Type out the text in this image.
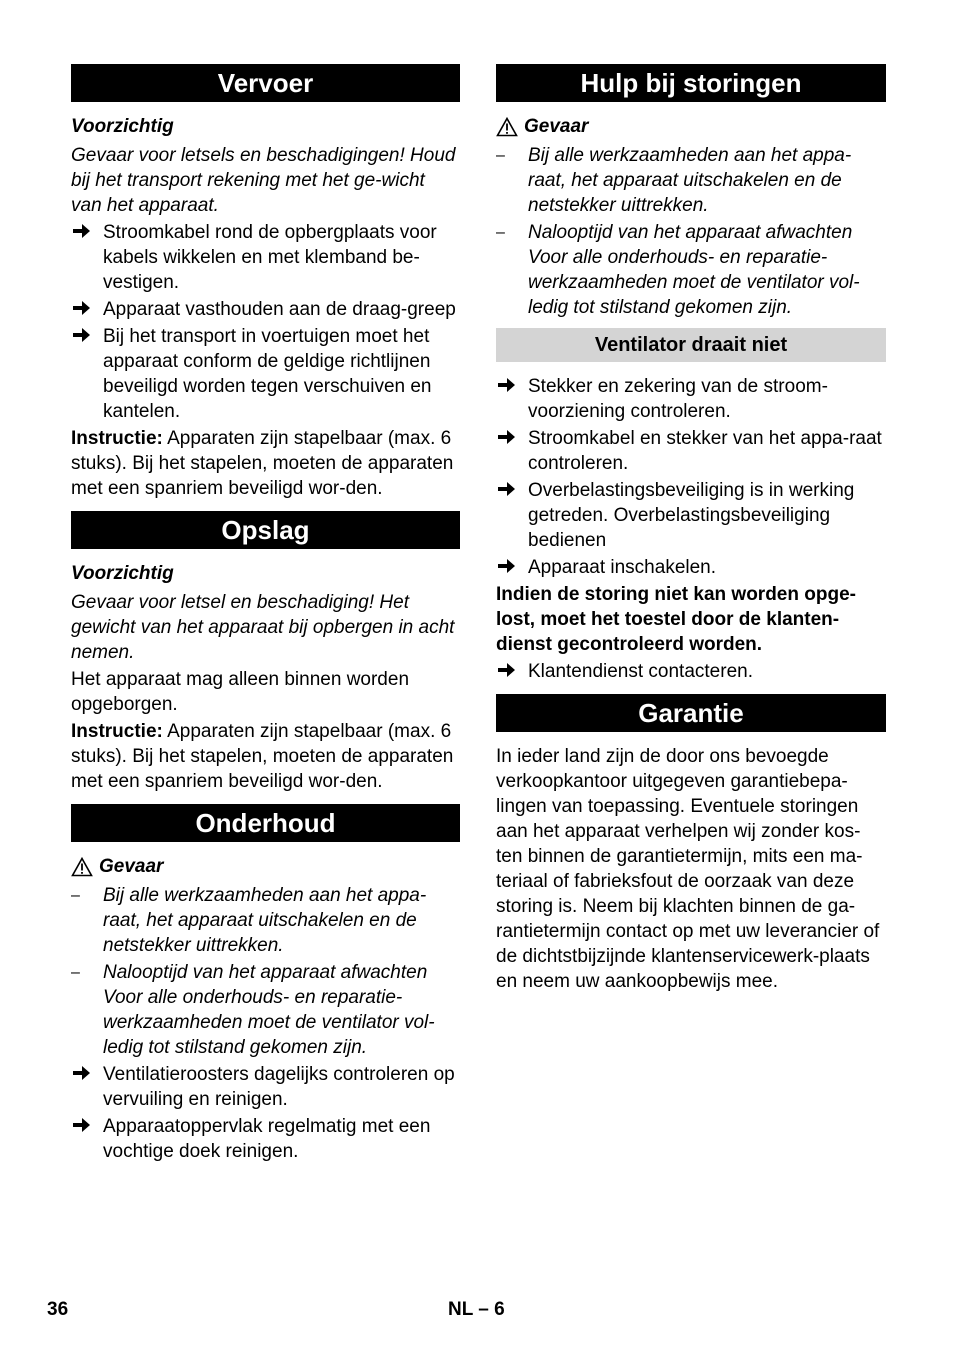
Vervoer
Voorzichtig

Gevaar voor letsels en beschadigingen! Houd bij het transport rekening met het ge-wicht van het apparaat.

Stroomkabel rond de opbergplaats voor kabels wikkelen en met klemband be-vestigen.
Apparaat vasthouden aan de draag-greep
Bij het transport in voertuigen moet het apparaat conform de geldige richtlijnen beveiligd worden tegen verschuiven en kantelen.

Instructie: Apparaten zijn stapelbaar (max. 6 stuks). Bij het stapelen, moeten de apparaten met een spanriem beveiligd wor-den.

Opslag
Voorzichtig

Gevaar voor letsel en beschadiging! Het gewicht van het apparaat bij opbergen in acht nemen.

Het apparaat mag alleen binnen worden opgeborgen.

Instructie: Apparaten zijn stapelbaar (max. 6 stuks). Bij het stapelen, moeten de apparaten met een spanriem beveiligd wor-den.

Onderhoud
Gevaar
–	Bij alle werkzaamheden aan het appa-raat, het apparaat uitschakelen en de netstekker uittrekken.
–	Nalooptijd van het apparaat afwachten Voor alle onderhouds- en reparatie-werkzaamheden moet de ventilator vol-ledig tot stilstand gekomen zijn.
Ventilatieroosters dagelijks controleren op vervuiling en reinigen.
Apparaatoppervlak regelmatig met een vochtige doek reinigen.
Hulp bij storingen
Gevaar
–	Bij alle werkzaamheden aan het appa-raat, het apparaat uitschakelen en de netstekker uittrekken.
–	Nalooptijd van het apparaat afwachten Voor alle onderhouds- en reparatie-werkzaamheden moet de ventilator vol-ledig tot stilstand gekomen zijn.
Ventilator draait niet
Stekker en zekering van de stroom-voorziening controleren.
Stroomkabel en stekker van het appa-raat controleren.
Overbelastingsbeveiliging is in werking getreden. Overbelastingsbeveiliging bedienen
Apparaat inschakelen.

Indien de storing niet kan worden opge-lost, moet het toestel door de klanten-dienst gecontroleerd worden.

Klantendienst contacteren.
Garantie

In ieder land zijn de door ons bevoegde verkoopkantoor uitgegeven garantiebepa-lingen van toepassing. Eventuele storingen aan het apparaat verhelpen wij zonder kos-ten binnen de garantietermijn, mits een ma-teriaal of fabrieksfout de oorzaak van deze storing is. Neem bij klachten binnen de ga-rantietermijn contact op met uw leverancier of de dichtstbijzijnde klantenservicewerk-plaats en neem uw aankoopbewijs mee.

36	NL – 6
